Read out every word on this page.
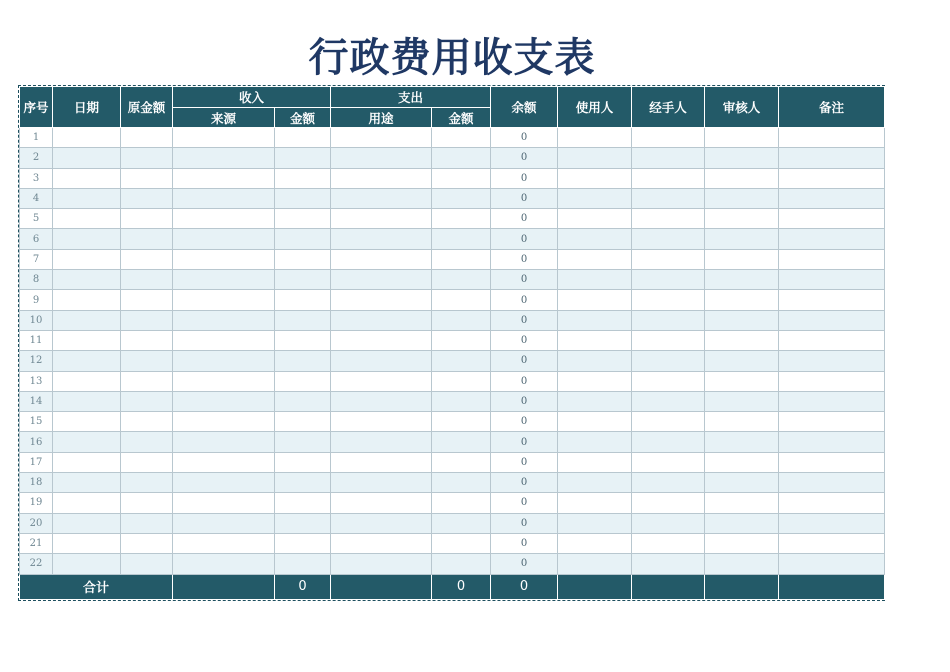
行政费用收支表
序号	日期	原金额	收入		支出		余额	使用人	经手人	审核人	备注
			来源	金额	用途	金额					
1							0				
2							0				
3							0				
4							0				
5							0				
6							0				
7							0				
8							0				
9							0				
10							0				
11							0				
12							0				
13							0				
14							0				
15							0				
16							0				
17							0				
18							0				
19							0				
20							0				
21							0				
22							0				
合计				0		0	0				
